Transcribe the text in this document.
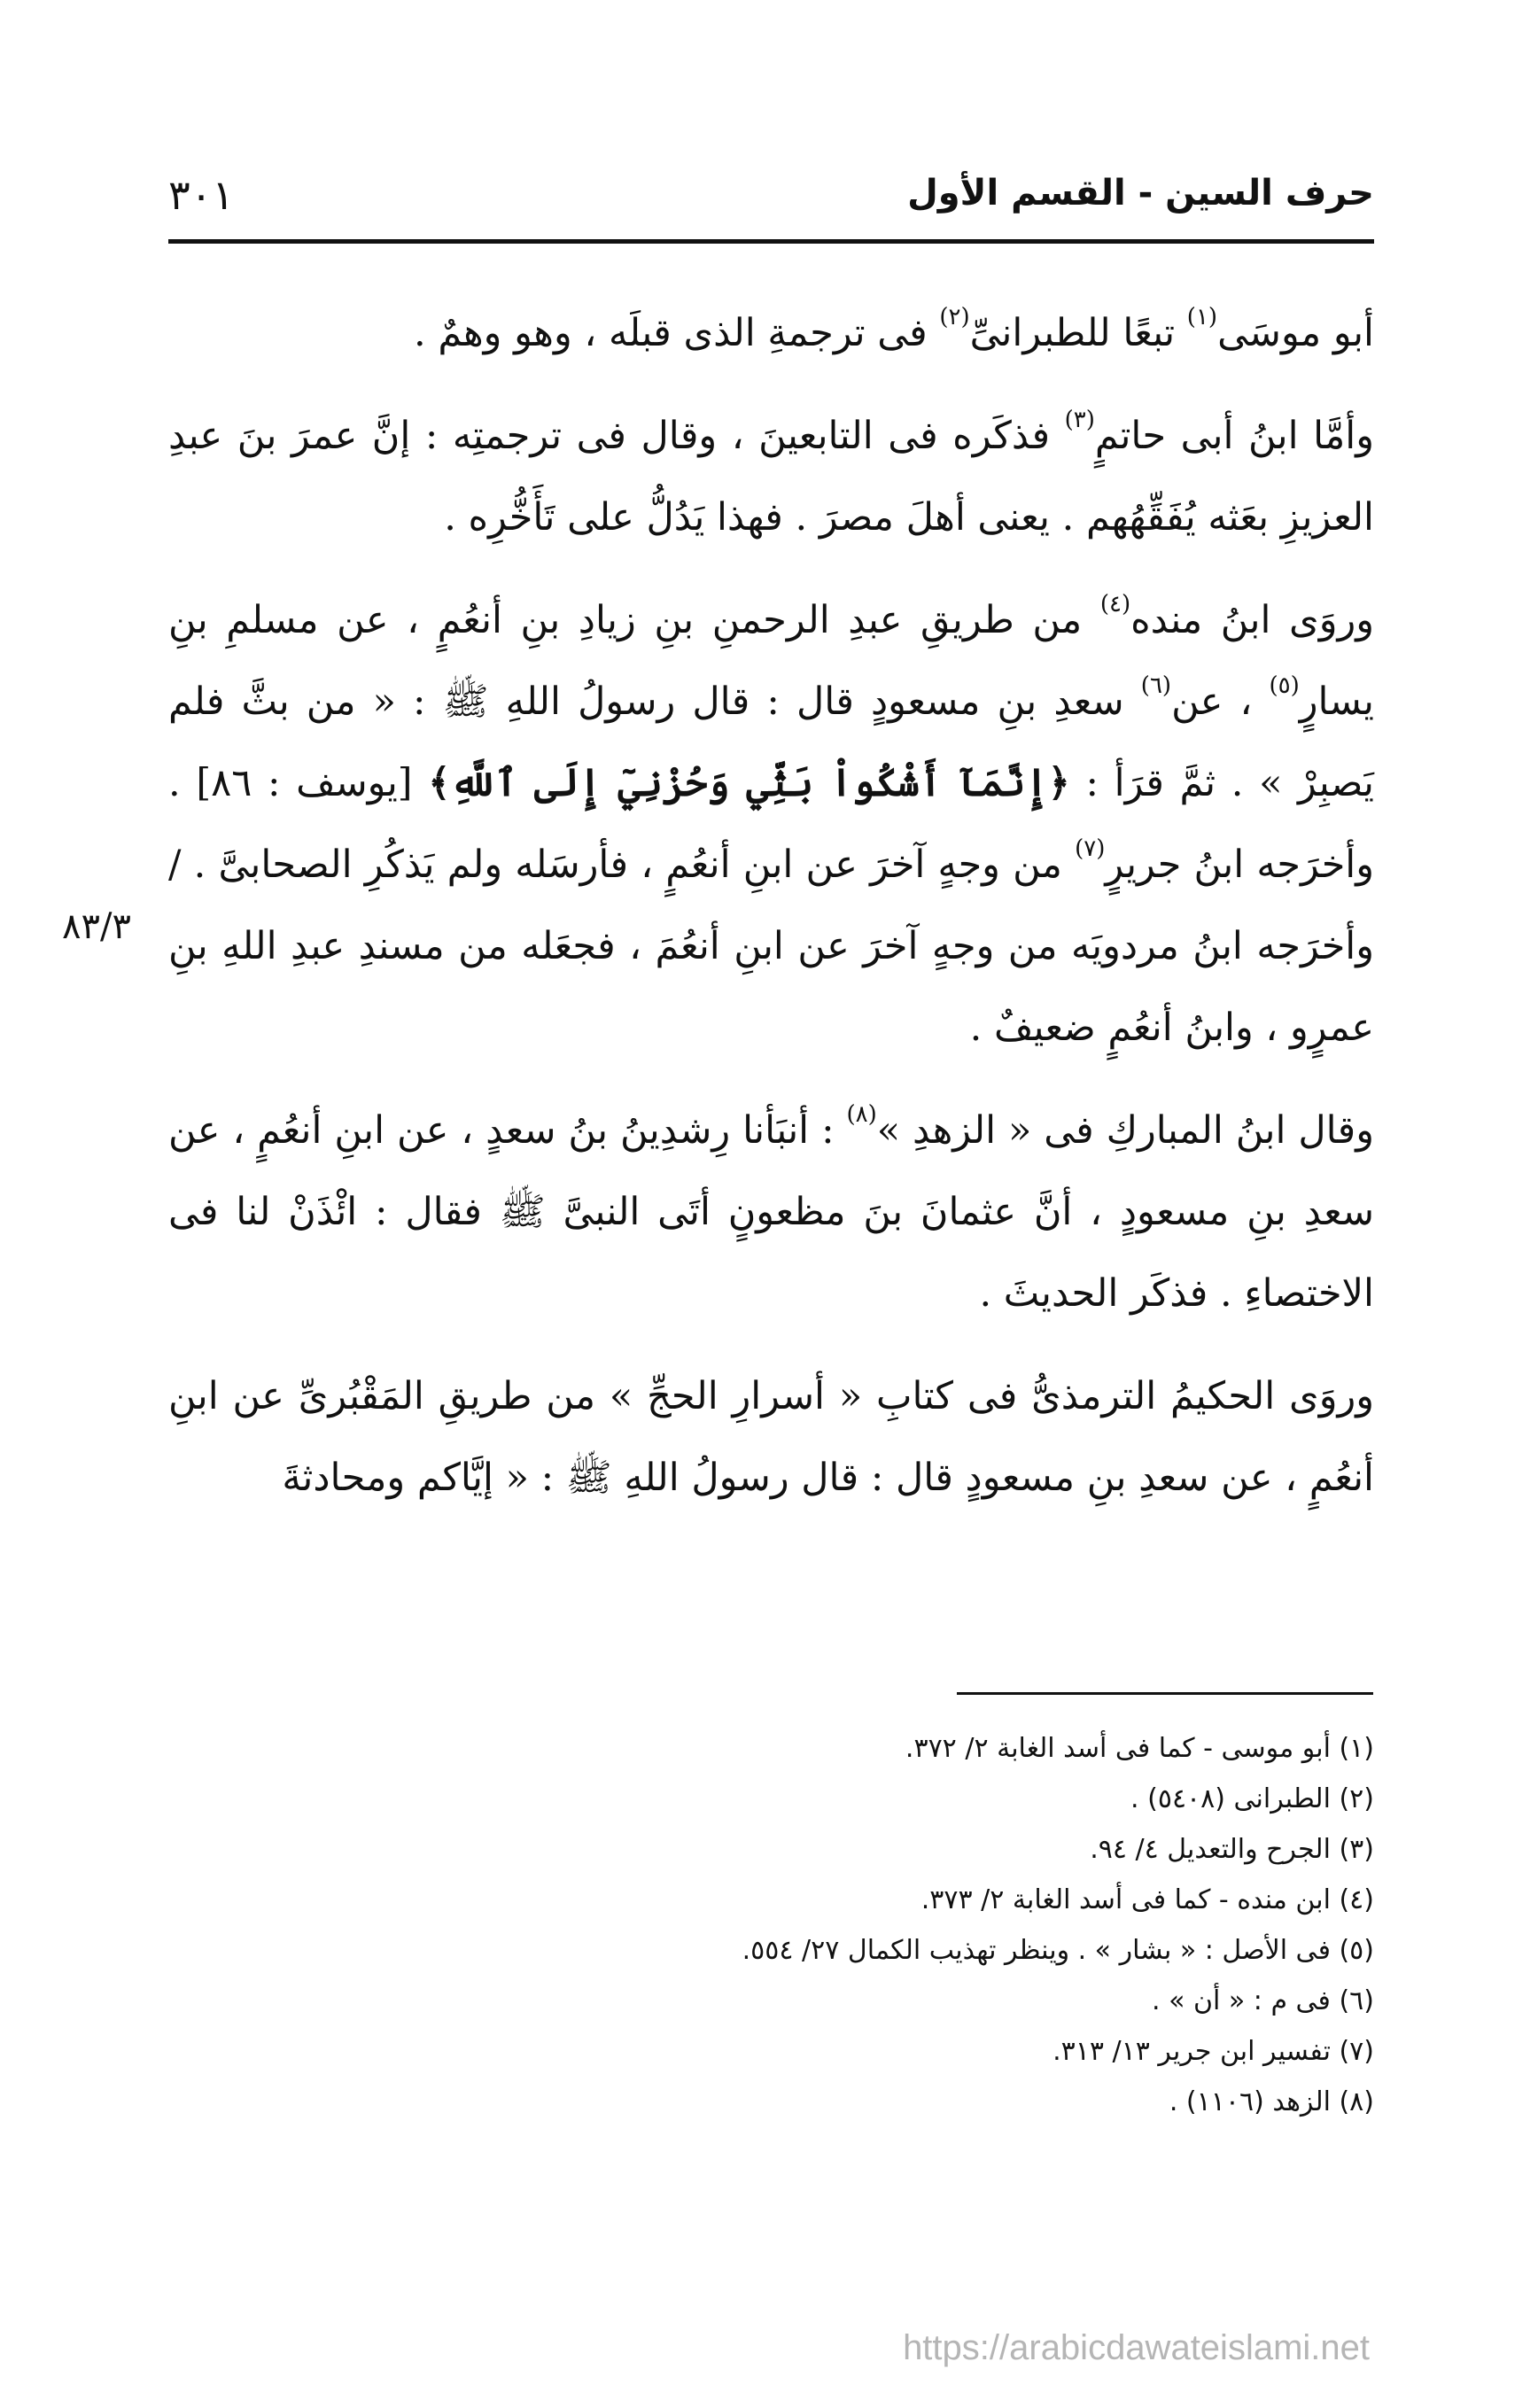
حرف السين - القسم الأول
٣٠١
٨٣/٣

أبو موسَى$^{(١)}$ تبعًا للطبرانىِّ$^{(٢)}$ فى ترجمةِ الذى قبلَه ، وهو وهمٌ .

وأمَّا ابنُ أبى حاتمٍ$^{(٣)}$ فذكَره فى التابعينَ ، وقال فى ترجمتِه : إنَّ عمرَ بنَ عبدِ العزيزِ بعَثه يُفَقِّهُهم . يعنى أهلَ مصرَ . فهذا يَدُلُّ على تَأَخُّرِه .

وروَى ابنُ منده$^{(٤)}$ من طريقِ عبدِ الرحمنِ بنِ زيادِ بنِ أنعُمٍ ، عن مسلمِ بنِ يسارٍ$^{(٥)}$ ، عن$^{(٦)}$ سعدِ بنِ مسعودٍ قال : قال رسولُ اللهِ ﷺ : « من بثَّ فلم يَصبِرْ » . ثمَّ قرَأ : ﴿إِنَّمَآ أَشْكُواْ بَثِّي وَحُزْنِيٓ إِلَى ٱللَّهِ﴾ [يوسف : ٨٦] . وأخرَجه ابنُ جريرٍ$^{(٧)}$ من وجهٍ آخرَ عن ابنِ أنعُمٍ ، فأرسَله ولم يَذكُرِ الصحابىَّ . / وأخرَجه ابنُ مردويَه من وجهٍ آخرَ عن ابنِ أنعُمَ ، فجعَله من مسندِ عبدِ اللهِ بنِ عمرٍو ، وابنُ أنعُمٍ ضعيفٌ .

وقال ابنُ المباركِ فى « الزهدِ »$^{(٨)}$ : أنبَأنا رِشدِينُ بنُ سعدٍ ، عن ابنِ أنعُمٍ ، عن سعدِ بنِ مسعودٍ ، أنَّ عثمانَ بنَ مظعونٍ أتَى النبىَّ ﷺ فقال : ائْذَنْ لنا فى الاختصاءِ . فذكَر الحديثَ .

وروَى الحكيمُ الترمذىُّ فى كتابِ « أسرارِ الحجِّ » من طريقِ المَقْبُرىِّ عن ابنِ أنعُمٍ ، عن سعدِ بنِ مسعودٍ قال : قال رسولُ اللهِ ﷺ : « إيَّاكم ومحادثةَ

(١) أبو موسى - كما فى أسد الغابة ٢/ ٣٧٢.
(٢) الطبرانى (٥٤٠٨) .
(٣) الجرح والتعديل ٤/ ٩٤.
(٤) ابن منده - كما فى أسد الغابة ٢/ ٣٧٣.
(٥) فى الأصل : « بشار » . وينظر تهذيب الكمال ٢٧/ ٥٥٤.
(٦) فى م : « أن » .
(٧) تفسير ابن جرير ١٣/ ٣١٣.
(٨) الزهد (١١٠٦) .
https://arabicdawateislami.net
